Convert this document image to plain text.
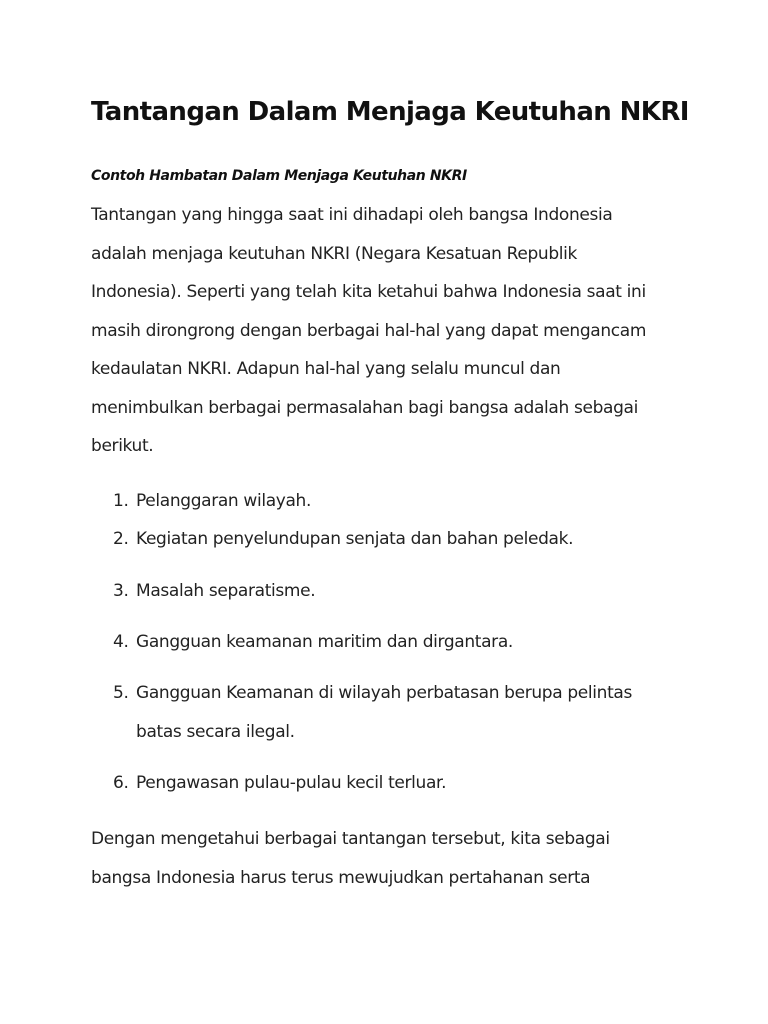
Tantangan Dalam Menjaga Keutuhan NKRI

Contoh Hambatan Dalam Menjaga Keutuhan NKRI

Tantangan yang hingga saat ini dihadapi oleh bangsa Indonesia
adalah menjaga keutuhan NKRI (Negara Kesatuan Republik
Indonesia). Seperti yang telah kita ketahui bahwa Indonesia saat ini
masih dirongrong dengan berbagai hal-hal yang dapat mengancam
kedaulatan NKRI. Adapun hal-hal yang selalu muncul dan
menimbulkan berbagai permasalahan bagi bangsa adalah sebagai
berikut.

1. Pelanggaran wilayah.
2. Kegiatan penyelundupan senjata dan bahan peledak.
3. Masalah separatisme.
4. Gangguan keamanan maritim dan dirgantara.
5. Gangguan Keamanan di wilayah perbatasan berupa pelintas
batas secara ilegal.
6. Pengawasan pulau-pulau kecil terluar.

Dengan mengetahui berbagai tantangan tersebut, kita sebagai
bangsa Indonesia harus terus mewujudkan pertahanan serta
